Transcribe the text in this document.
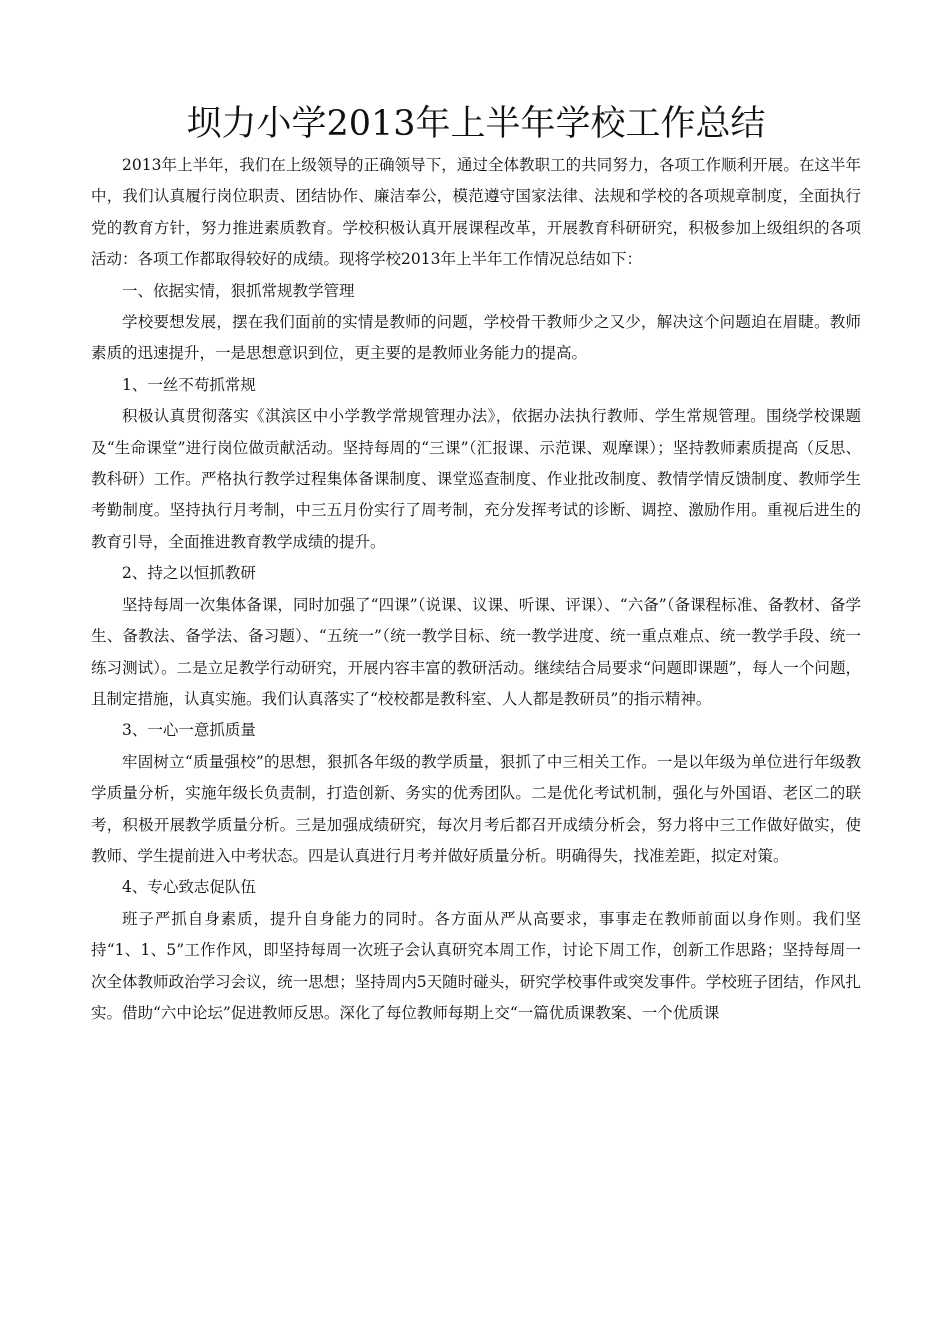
坝力小学2013年上半年学校工作总结

2013年上半年，我们在上级领导的正确领导下，通过全体教职工的共同努力，各项工作顺利开展。在这半年中，我们认真履行岗位职责、团结协作、廉洁奉公，模范遵守国家法律、法规和学校的各项规章制度，全面执行党的教育方针，努力推进素质教育。学校积极认真开展课程改革，开展教育科研研究，积极参加上级组织的各项活动：各项工作都取得较好的成绩。现将学校2013年上半年工作情况总结如下：

一、依据实情，狠抓常规教学管理

学校要想发展，摆在我们面前的实情是教师的问题，学校骨干教师少之又少，解决这个问题迫在眉睫。教师素质的迅速提升，一是思想意识到位，更主要的是教师业务能力的提高。

1、一丝不苟抓常规

积极认真贯彻落实《淇滨区中小学教学常规管理办法》，依据办法执行教师、学生常规管理。围绕学校课题及“生命课堂”进行岗位做贡献活动。坚持每周的“三课”（汇报课、示范课、观摩课）；坚持教师素质提高（反思、教科研）工作。严格执行教学过程集体备课制度、课堂巡查制度、作业批改制度、教情学情反馈制度、教师学生考勤制度。坚持执行月考制，中三五月份实行了周考制，充分发挥考试的诊断、调控、激励作用。重视后进生的教育引导，全面推进教育教学成绩的提升。

2、持之以恒抓教研

坚持每周一次集体备课，同时加强了“四课”（说课、议课、听课、评课）、“六备”（备课程标准、备教材、备学生、备教法、备学法、备习题）、“五统一”（统一教学目标、统一教学进度、统一重点难点、统一教学手段、统一练习测试）。二是立足教学行动研究，开展内容丰富的教研活动。继续结合局要求“问题即课题”，每人一个问题，且制定措施，认真实施。我们认真落实了“校校都是教科室、人人都是教研员”的指示精神。

3、一心一意抓质量

牢固树立“质量强校”的思想，狠抓各年级的教学质量，狠抓了中三相关工作。一是以年级为单位进行年级教学质量分析，实施年级长负责制，打造创新、务实的优秀团队。二是优化考试机制，强化与外国语、老区二的联考，积极开展教学质量分析。三是加强成绩研究，每次月考后都召开成绩分析会，努力将中三工作做好做实，使教师、学生提前进入中考状态。四是认真进行月考并做好质量分析。明确得失，找准差距，拟定对策。

4、专心致志促队伍

班子严抓自身素质，提升自身能力的同时。各方面从严从高要求，事事走在教师前面以身作则。我们坚持“1、1、5”工作作风，即坚持每周一次班子会认真研究本周工作，讨论下周工作，创新工作思路；坚持每周一次全体教师政治学习会议，统一思想；坚持周内5天随时碰头，研究学校事件或突发事件。学校班子团结，作风扎实。借助“六中论坛”促进教师反思。深化了每位教师每期上交“一篇优质课教案、一个优质课
